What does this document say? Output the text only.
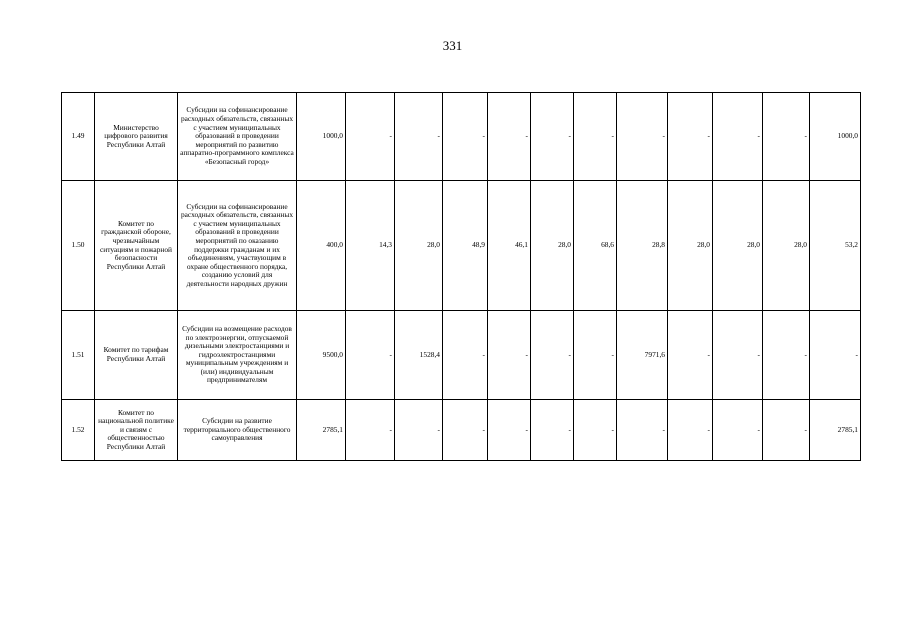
331
1.49	Министерство цифрового развития Республики Алтай	Субсидии на софинансирование расходных обязательств, связанных с участием муниципальных образований в проведении мероприятий по развитию аппаратно-программного комплекса «Безопасный город»	1000,0	-	-	-	-	-	-	-	-	-	-	1000,0
1.50	Комитет по гражданской обороне, чрезвычайным ситуациям и пожарной безопасности Республики Алтай	Субсидии на софинансирование расходных обязательств, связанных с участием муниципальных образований в проведении мероприятий по оказанию поддержки гражданам и их объединениям, участвующим в охране общественного порядка, созданию условий для деятельности народных дружин	400,0	14,3	28,0	48,9	46,1	28,0	68,6	28,8	28,0	28,0	28,0	53,2
1.51	Комитет по тарифам Республики Алтай	Субсидии на возмещение расходов по электроэнергии, отпускаемой дизельными электростанциями и гидроэлектростанциями муниципальным учреждениям и (или) индивидуальным предпринимателям	9500,0	-	1528,4	-	-	-	-	7971,6	-	-	-	-
1.52	Комитет по национальной политике и связям с общественностью Республики Алтай	Субсидии на развитие территориального общественного самоуправления	2785,1	-	-	-	-	-	-	-	-	-	-	2785,1
